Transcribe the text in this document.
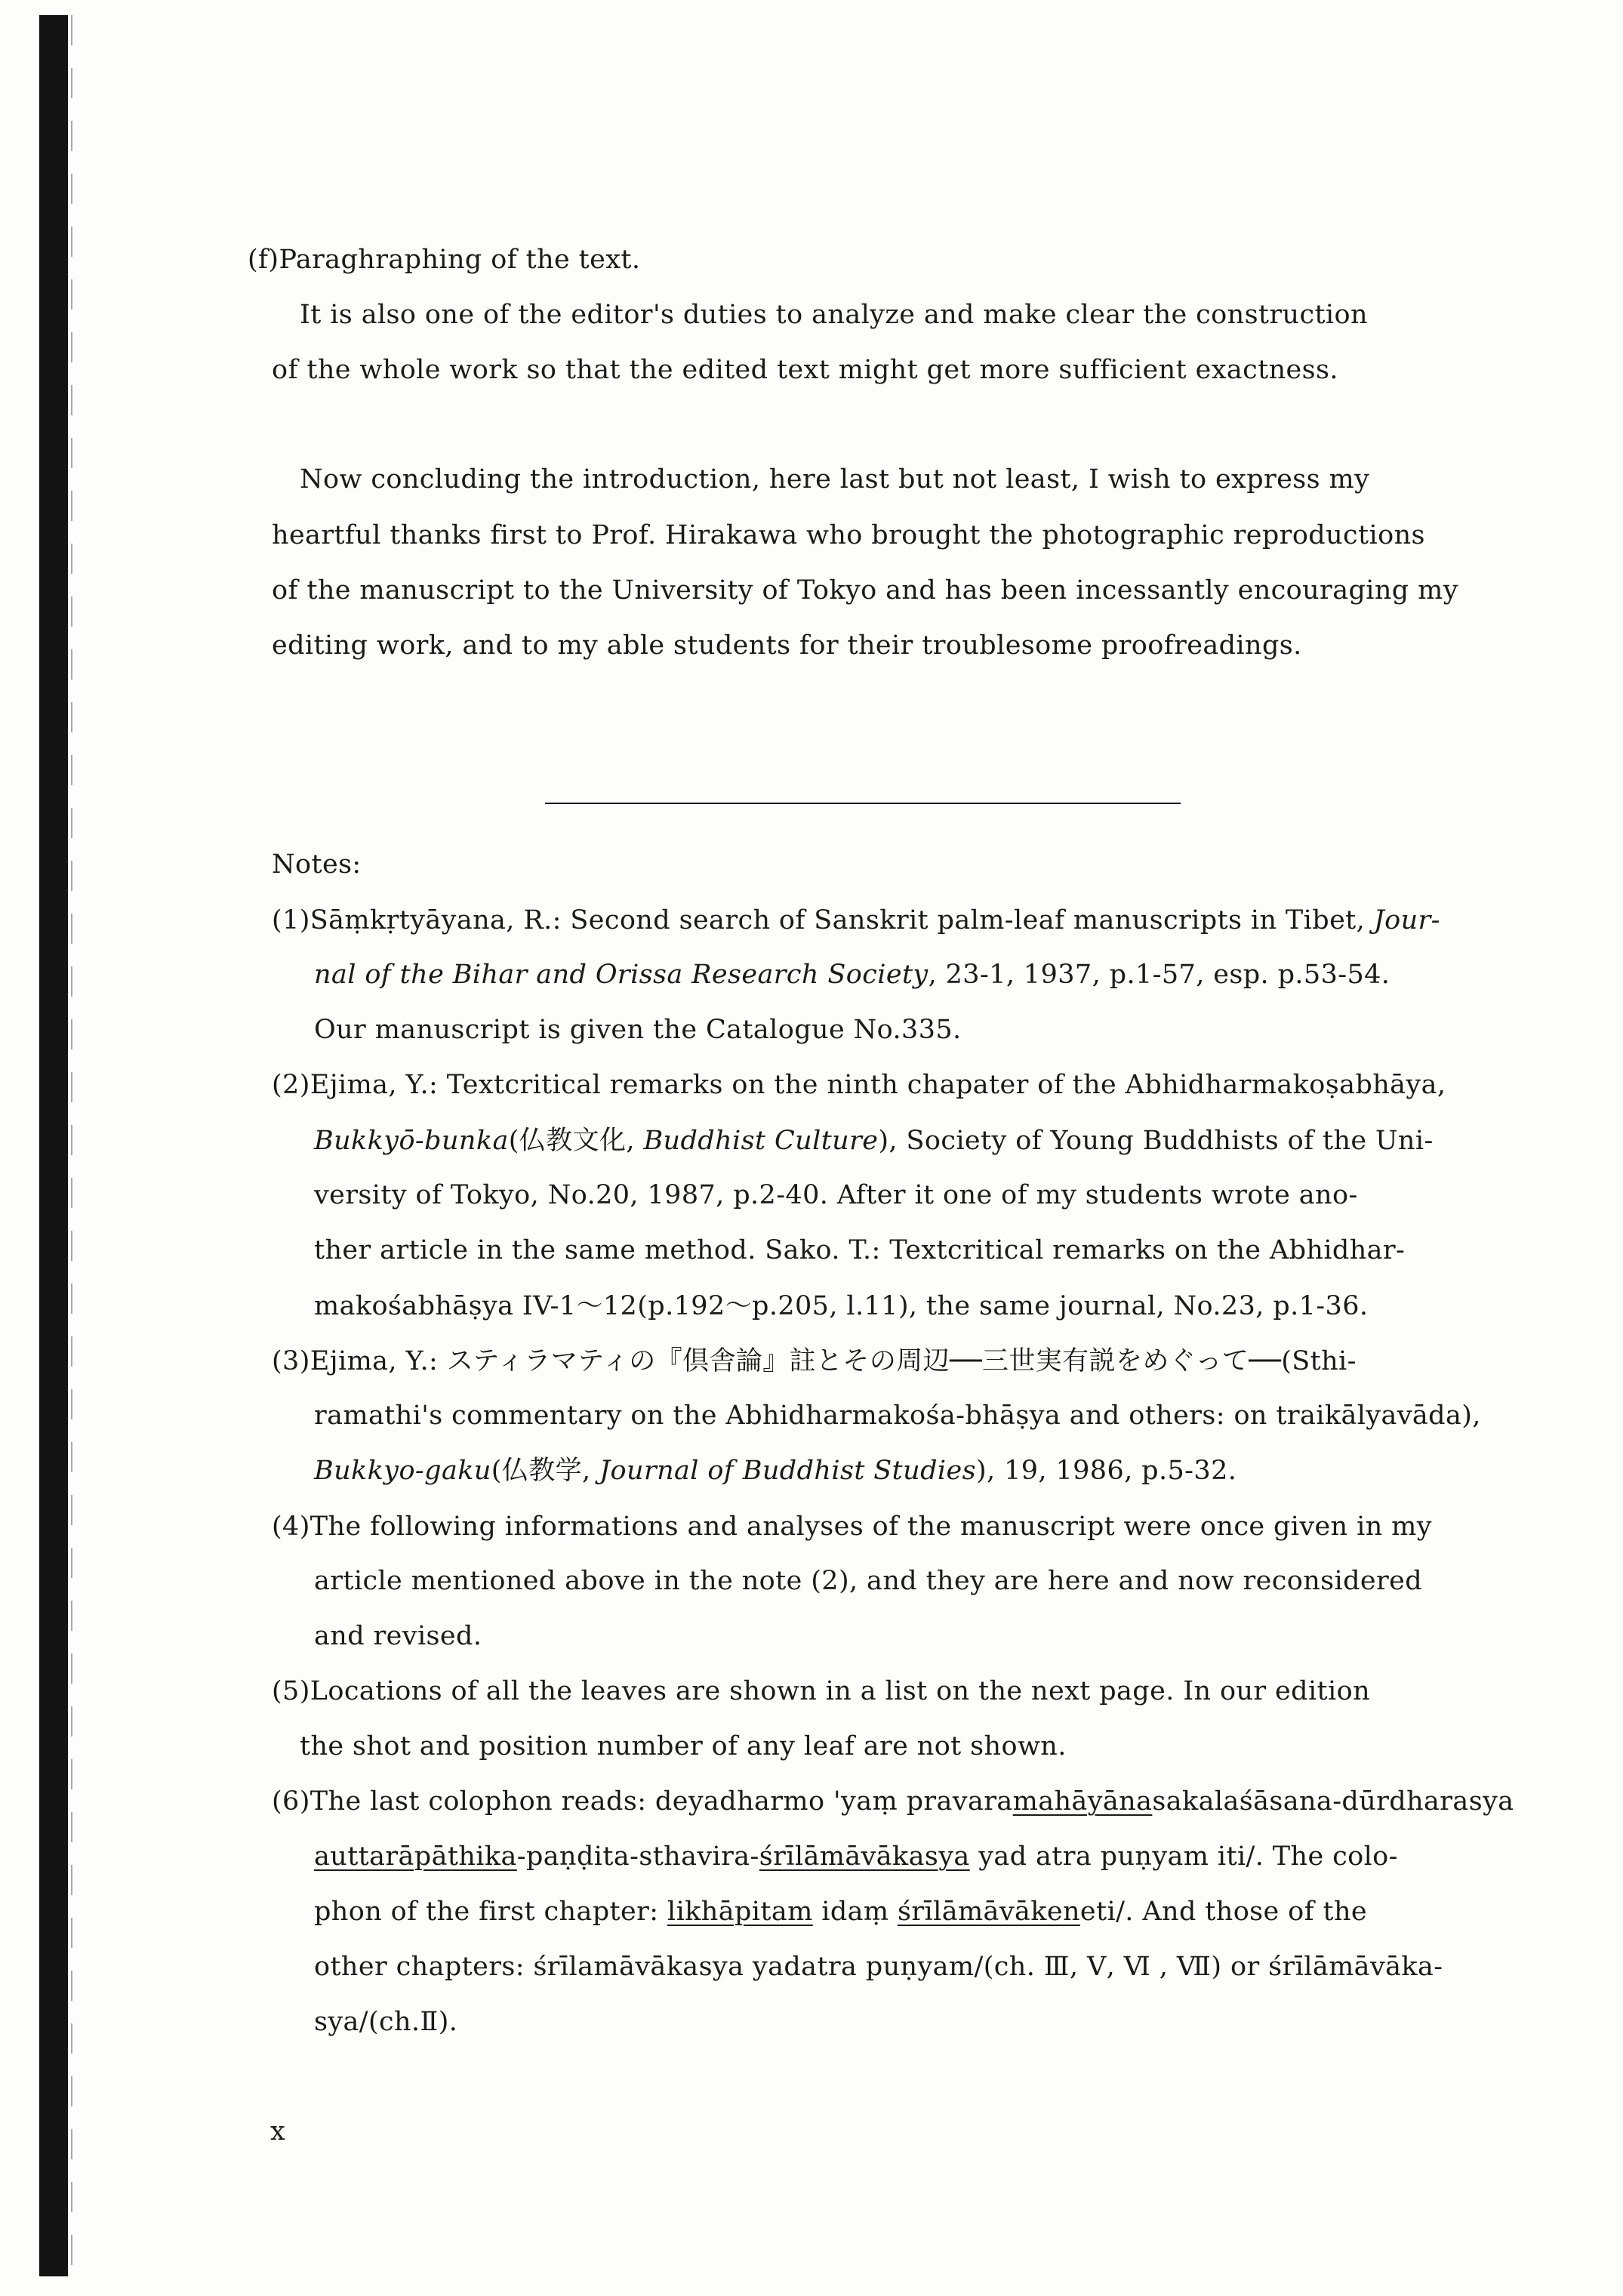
(f)Paraghraphing of the text.
It is also one of the editor's duties to analyze and make clear the construction
of the whole work so that the edited text might get more sufficient exactness.
Now concluding the introduction, here last but not least, I wish to express my
heartful thanks first to Prof. Hirakawa who brought the photographic reproductions
of the manuscript to the University of Tokyo and has been incessantly encouraging my
editing work, and to my able students for their troublesome proofreadings.
Notes:
(1)Sāṃkṛtyāyana, R.: Second search of Sanskrit palm-leaf manuscripts in Tibet, Jour-
nal of the Bihar and Orissa Research Society, 23-1, 1937, p.1-57, esp. p.53-54.
Our manuscript is given the Catalogue No.335.
(2)Ejima, Y.: Textcritical remarks on the ninth chapater of the Abhidharmakoṣabhāya,
Bukkyō-bunka(仏教文化, Buddhist Culture), Society of Young Buddhists of the Uni-
versity of Tokyo, No.20, 1987, p.2-40. After it one of my students wrote ano-
ther article in the same method. Sako. T.: Textcritical remarks on the Abhidhar-
makośabhāṣya IV-1～12(p.192～p.205, l.11), the same journal, No.23, p.1-36.
(3)Ejima, Y.: スティラマティの『倶舎論』註とその周辺──三世実有説をめぐって──(Sthi-
ramathi's commentary on the Abhidharmakośa-bhāṣya and others: on traikālyavāda),
Bukkyo-gaku(仏教学, Journal of Buddhist Studies), 19, 1986, p.5-32.
(4)The following informations and analyses of the manuscript were once given in my
article mentioned above in the note (2), and they are here and now reconsidered
and revised.
(5)Locations of all the leaves are shown in a list on the next page. In our edition
the shot and position number of any leaf are not shown.
(6)The last colophon reads: deyadharmo 'yaṃ pravaramahāyānasakalaśāsana-dūrdharasya
auttarāpāthika-paṇḍita-sthavira-śrīlāmāvākasya yad atra puṇyam iti/. The colo-
phon of the first chapter: likhāpitam idaṃ śrīlāmāvākeneti/. And those of the
other chapters: śrīlamāvākasya yadatra puṇyam/(ch. Ⅲ, Ⅴ, Ⅵ , Ⅶ) or śrīlāmāvāka-
sya/(ch.Ⅱ).
x
